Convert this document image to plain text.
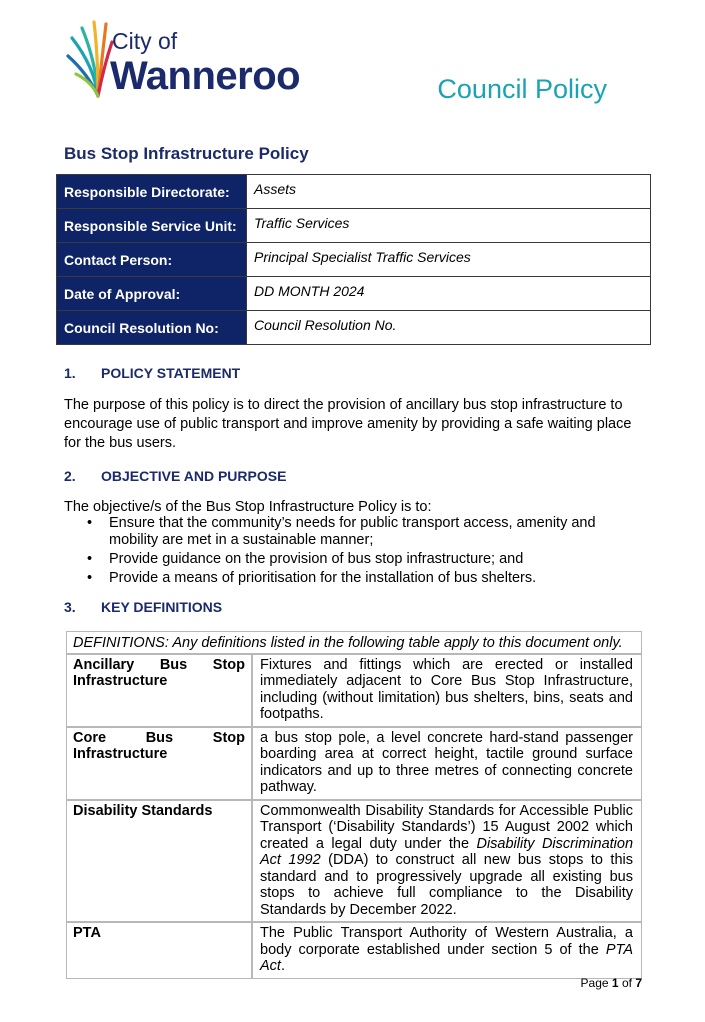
City of
Wanneroo	Council Policy
Bus Stop Infrastructure Policy
Responsible Directorate:	Assets
Responsible Service Unit:	Traffic Services
Contact Person:	Principal Specialist Traffic Services
Date of Approval:	DD MONTH 2024
Council Resolution No:	Council Resolution No.
1. POLICY STATEMENT
The purpose of this policy is to direct the provision of ancillary bus stop infrastructure to encourage use of public transport and improve amenity by providing a safe waiting place for the bus users.
2. OBJECTIVE AND PURPOSE
The objective/s of the Bus Stop Infrastructure Policy is to:
• Ensure that the community’s needs for public transport access, amenity and mobility are met in a sustainable manner;
• Provide guidance on the provision of bus stop infrastructure; and
• Provide a means of prioritisation for the installation of bus shelters.
3. KEY DEFINITIONS
DEFINITIONS: Any definitions listed in the following table apply to this document only.	
Ancillary Bus Stop Infrastructure	Fixtures and fittings which are erected or installed immediately adjacent to Core Bus Stop Infrastructure, including (without limitation) bus shelters, bins, seats and footpaths.
Core Bus Stop Infrastructure	a bus stop pole, a level concrete hard-stand passenger boarding area at correct height, tactile ground surface indicators and up to three metres of connecting concrete pathway.
Disability Standards	Commonwealth Disability Standards for Accessible Public Transport (‘Disability Standards’) 15 August 2002 which created a legal duty under the Disability Discrimination Act 1992 (DDA) to construct all new bus stops to this standard and to progressively upgrade all existing bus stops to achieve full compliance to the Disability Standards by December 2022.
PTA	The Public Transport Authority of Western Australia, a body corporate established under section 5 of the PTA Act.
Page 1 of 7
